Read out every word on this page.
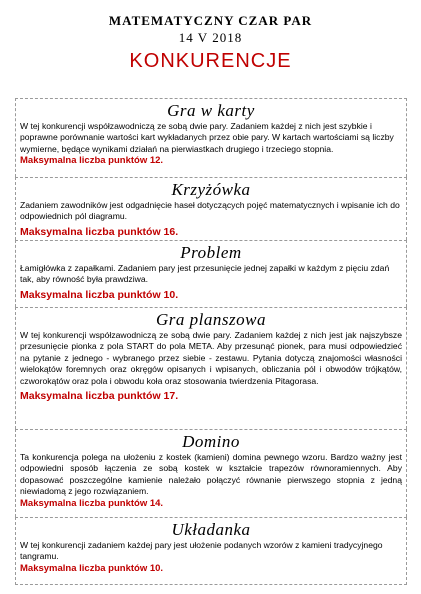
MATEMATYCZNY CZAR PAR
14 V 2018
KONKURENCJE
Gra w karty

W tej konkurencji współzawodniczą ze sobą dwie pary. Zadaniem każdej z nich jest szybkie i poprawne porównanie wartości kart wykładanych przez obie pary. W kartach wartościami są liczby wymierne, będące wynikami działań na pierwiastkach drugiego i trzeciego stopnia.

Maksymalna liczba punktów 12.

Krzyżówka

Zadaniem zawodników jest odgadnięcie haseł dotyczących pojęć matematycznych i wpisanie ich do odpowiednich pól diagramu.

Maksymalna liczba punktów 16.

Problem

Łamigłówka z zapałkami. Zadaniem pary jest przesunięcie jednej zapałki w każdym z pięciu zdań tak, aby równość była prawdziwa.

Maksymalna liczba punktów 10.

Gra planszowa

W tej konkurencji współzawodniczą ze sobą dwie pary. Zadaniem każdej z nich jest jak najszybsze przesunięcie pionka z pola START do pola META. Aby przesunąć pionek, para musi odpowiedzieć na pytanie z jednego - wybranego przez siebie - zestawu. Pytania dotyczą znajomości własności wielokątów foremnych oraz okręgów opisanych i wpisanych, obliczania pól i obwodów trójkątów, czworokątów oraz pola i obwodu koła oraz stosowania twierdzenia Pitagorasa.

Maksymalna liczba punktów 17.

Domino

Ta konkurencja polega na ułożeniu z kostek (kamieni) domina pewnego wzoru. Bardzo ważny jest odpowiedni sposób łączenia ze sobą kostek w kształcie trapezów równoramiennych. Aby dopasować poszczególne kamienie należało połączyć równanie pierwszego stopnia z jedną niewiadomą z jego rozwiązaniem.

Maksymalna liczba punktów 14.

Układanka

W tej konkurencji zadaniem każdej pary jest ułożenie podanych wzorów z kamieni tradycyjnego tangramu.

Maksymalna liczba punktów 10.
